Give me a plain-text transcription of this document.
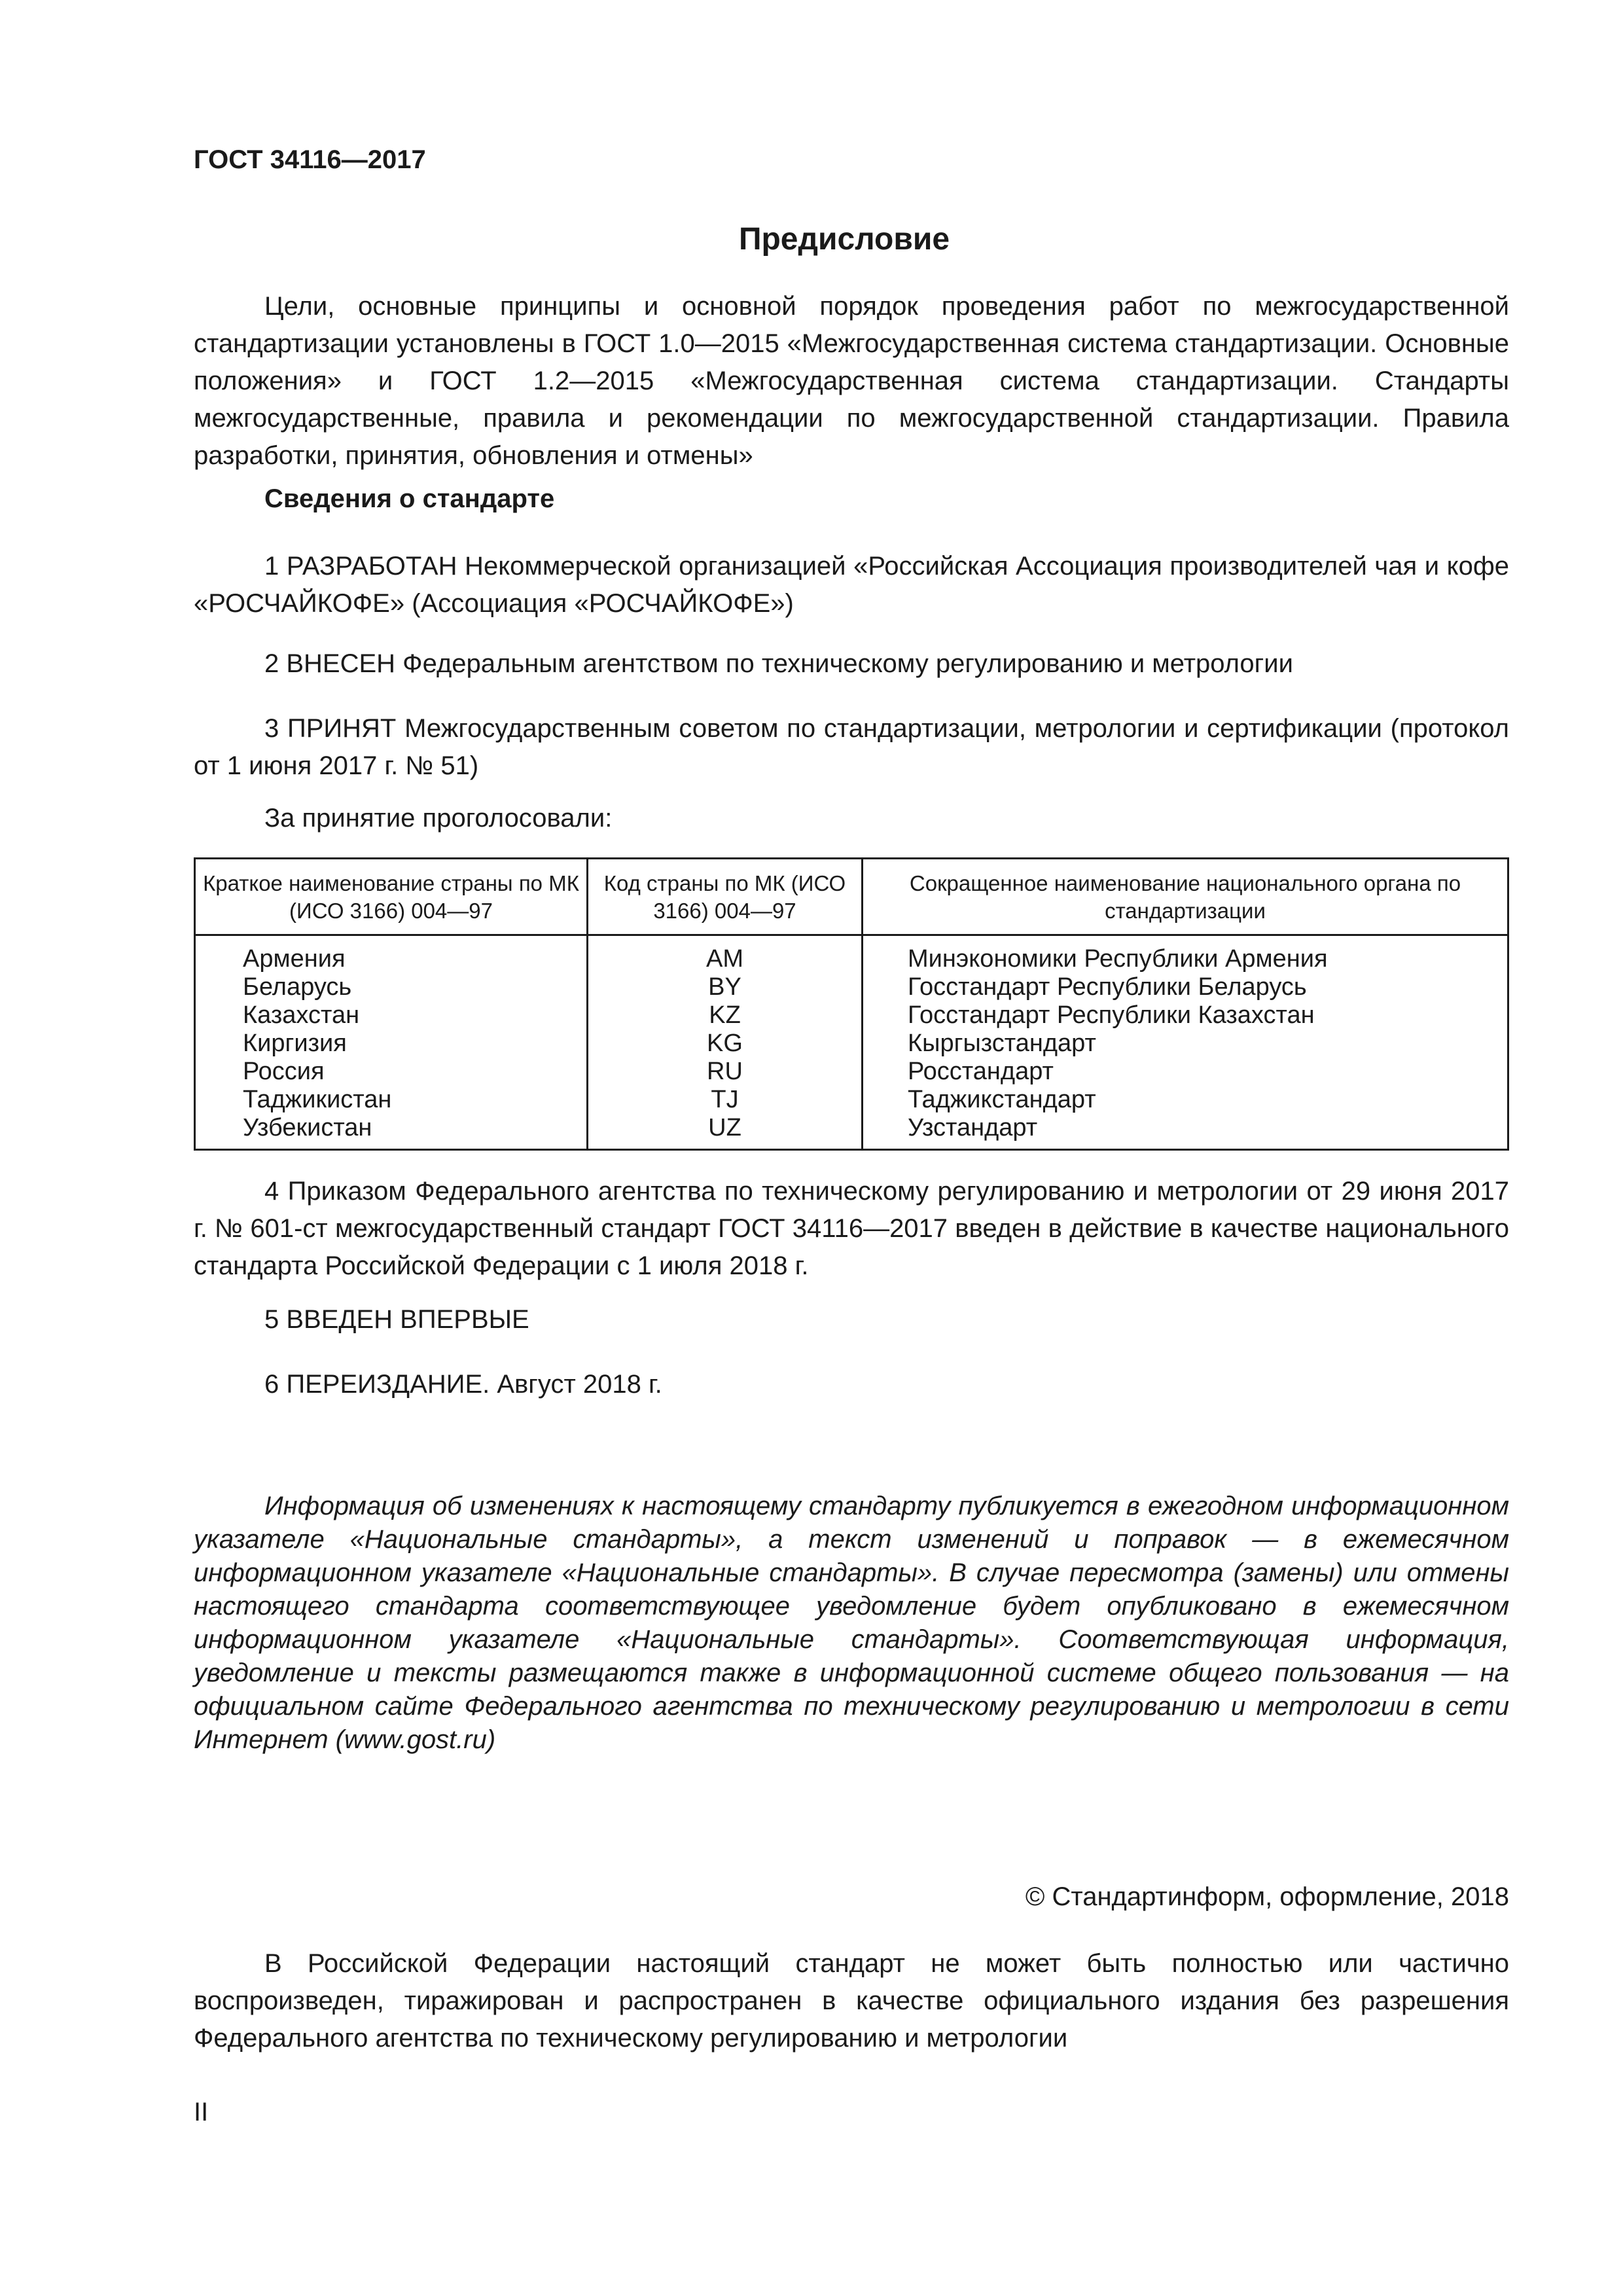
ГОСТ 34116—2017
Предисловие

Цели, основные принципы и основной порядок проведения работ по межгосударственной стандартизации установлены в ГОСТ 1.0—2015 «Межгосударственная система стандартизации. Основные положения» и ГОСТ 1.2—2015 «Межгосударственная система стандартизации. Стандарты межгосударственные, правила и рекомендации по межгосударственной стандартизации. Правила разработки, принятия, обновления и отмены»

Сведения о стандарте

1 РАЗРАБОТАН Некоммерческой организацией «Российская Ассоциация производителей чая и кофе «РОСЧАЙКОФЕ» (Ассоциация «РОСЧАЙКОФЕ»)

2 ВНЕСЕН Федеральным агентством по техническому регулированию и метрологии

3 ПРИНЯТ Межгосударственным советом по стандартизации, метрологии и сертификации (протокол от 1 июня 2017 г. № 51)

За принятие проголосовали:
Краткое наименование страны по МК (ИСО 3166) 004—97	Код страны по МК (ИСО 3166) 004—97	Сокращенное наименование национального органа по стандартизации
Армения	AM	Минэкономики Республики Армения
Беларусь	BY	Госстандарт Республики Беларусь
Казахстан	KZ	Госстандарт Республики Казахстан
Киргизия	KG	Кыргызстандарт
Россия	RU	Росстандарт
Таджикистан	TJ	Таджикстандарт
Узбекистан	UZ	Узстандарт

4 Приказом Федерального агентства по техническому регулированию и метрологии от 29 июня 2017 г. № 601-ст межгосударственный стандарт ГОСТ 34116—2017 введен в действие в качестве национального стандарта Российской Федерации с 1 июля 2018 г.

5 ВВЕДЕН ВПЕРВЫЕ

6 ПЕРЕИЗДАНИЕ. Август 2018 г.

Информация об изменениях к настоящему стандарту публикуется в ежегодном информационном указателе «Национальные стандарты», а текст изменений и поправок — в ежемесячном информационном указателе «Национальные стандарты». В случае пересмотра (замены) или отмены настоящего стандарта соответствующее уведомление будет опубликовано в ежемесячном информационном указателе «Национальные стандарты». Соответствующая информация, уведомление и тексты размещаются также в информационной системе общего пользования — на официальном сайте Федерального агентства по техническому регулированию и метрологии в сети Интернет (www.gost.ru)

© Стандартинформ, оформление, 2018

В Российской Федерации настоящий стандарт не может быть полностью или частично воспроизведен, тиражирован и распространен в качестве официального издания без разрешения Федерального агентства по техническому регулированию и метрологии

II
